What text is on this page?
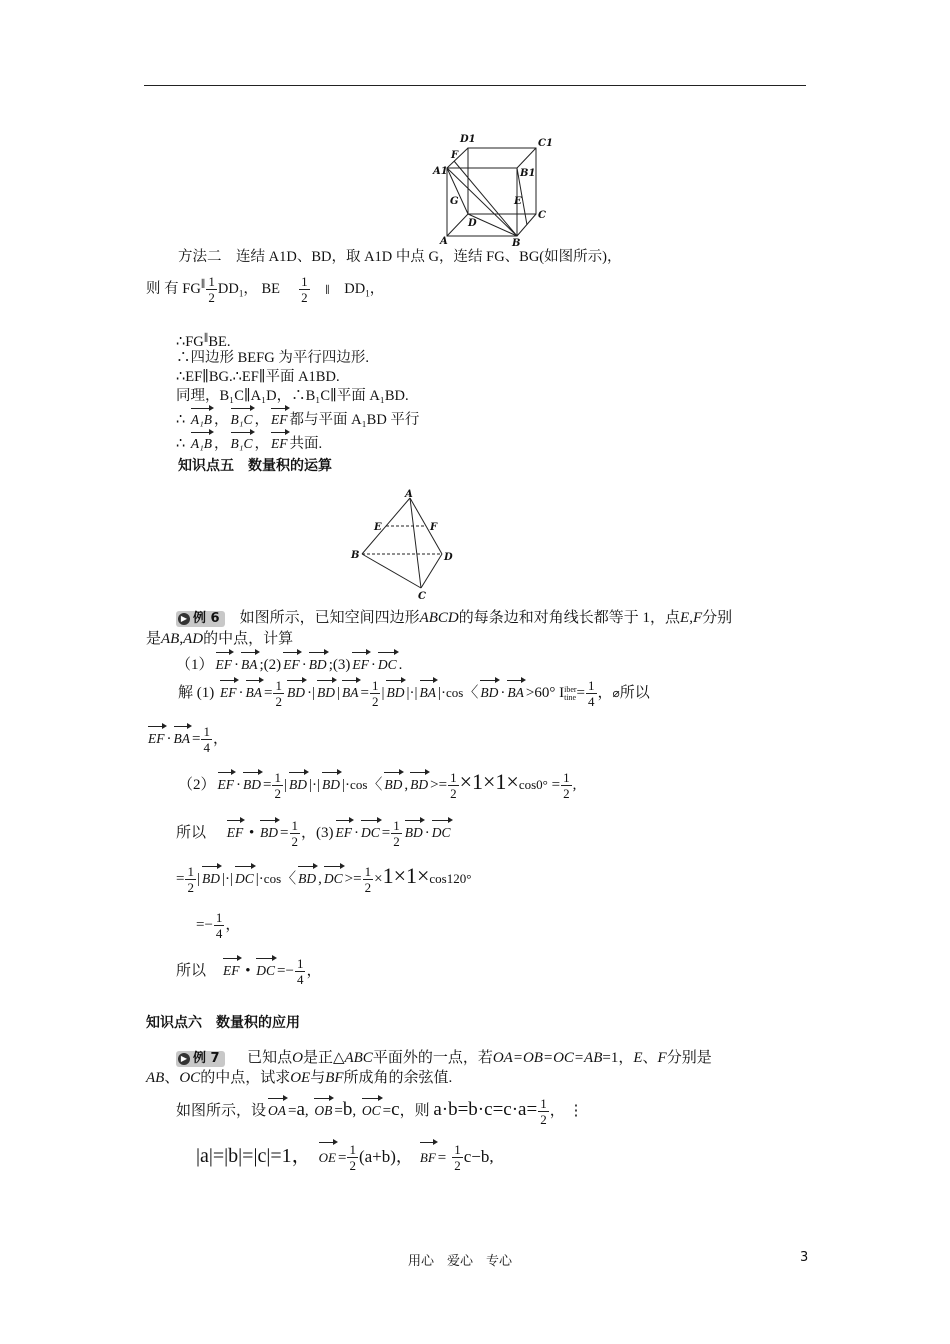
D1	C1
F
A1	B1
G	E
D
C
A	B
方法二　连结 A1D、BD，取 A1D 中点 G，连结 FG、BG(如图所示)，
则 有 $FG^\parallel \frac{1}{2} DD_1$， BE $\frac{1}{2}$ ∥ $DD_1$，
∴FG∥BE.
∴四边形 BEFG 为平行四边形.
∴EF∥BG.∴EF∥平面 A1BD.
同理，B₁C∥A₁D，∴B₁C∥平面 A₁BD.
∴ A₁B ， B₁C ， EF 都与平面 A₁BD 平行
∴ A₁B ， B₁C ， EF 共面.
知识点五　数量积的运算
A
E	F
B	D
C
▶ 例 6 如图所示，已知空间四边形ABCD的每条边和对角线长都等于 1，点E,F分别
是AB,AD的中点，计算
（1） EF · BA ;(2) EF · BD ;(3) EF · DC .
解 (1) EF · BA = $\frac{1}{2}$ BD ·| BD | BA = $\frac{1}{2}$ | BD |·| BA |·cos〈 BD · BA >60° I iber
tine = $\frac{1}{4}$ ，⌀所以
EF · BA = $\frac{1}{4}$ ，
（2） EF · BD = $\frac{1}{2}$ | BD |·| BD |·cos〈 BD , BD >= $\frac{1}{2} \times 1\times 1\times\cos 0^\circ = \frac{1}{2}$ ,
所以 EF • BD = $\frac{1}{2}$ ，(3) EF · DC = $\frac{1}{2}$ BD · DC
= $\frac{1}{2}$ | BD |·| DC |·cos〈 BD , DC >= $\frac{1}{2} \times 1\times 1\times\cos 120^\circ$
=− $\frac{1}{4}$ ，
所以 EF • DC =− $\frac{1}{4}$ ，
知识点六　数量积的应用
▶ 例 7 已知点O是正△ABC平面外的一点，若OA=OB=OC=AB=1，E、F分别是
AB、OC的中点，试求OE与BF所成角的余弦值.
如图所示，设 OA =a, OB =b, OC =c，则 $a\cdot b=b\cdot c=c\cdot a= \frac{1}{2}$ ， ⋮
|a|=|b|=|c|=1， OE = $\frac{1}{2} (a+b)$， BF = $\frac{1}{2} c-b$,
用心　爱心　专心	3
